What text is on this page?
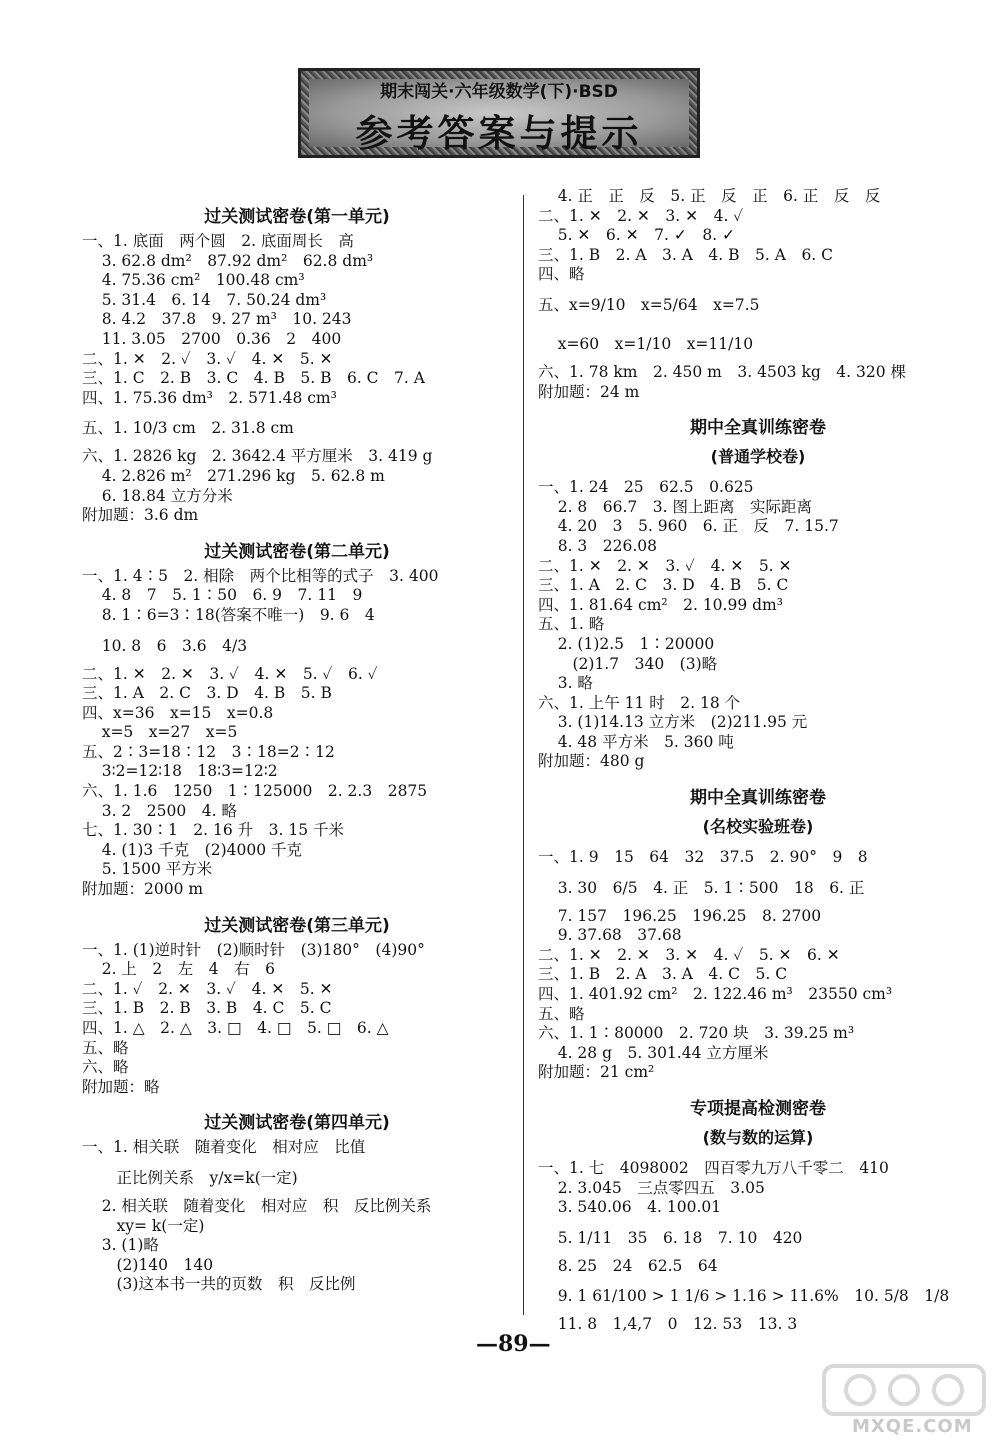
期末闯关·六年级数学(下)·BSD
参考答案与提示
过关测试密卷(第一单元)
一、1. 底面　两个圆　2. 底面周长　高
3. 62.8 dm²　87.92 dm²　62.8 dm³
4. 75.36 cm²　100.48 cm³
5. 31.4　6. 14　7. 50.24 dm³
8. 4.2　37.8　9. 27 m³　10. 243
11. 3.05　2700　0.36　2　400
二、1. ✕　2. ✓　3. ✓　4. ✕　5. ✕
三、1. C　2. B　3. C　4. B　5. B　6. C　7. A
四、1. 75.36 dm³　2. 571.48 cm³
五、1. 10/3 cm　2. 31.8 cm
六、1. 2826 kg　2. 3642.4 平方厘米　3. 419 g
4. 2.826 m²　271.296 kg　5. 62.8 m
6. 18.84 立方分米
附加题：3.6 dm
过关测试密卷(第二单元)
一、1. 4∶5　2. 相除　两个比相等的式子　3. 400
4. 8　7　5. 1∶50　6. 9　7. 11　9
8. 1∶6=3∶18(答案不唯一)　9. 6　4
10. 8　6　3.6　4/3
二、1. ✕　2. ✕　3. ✓　4. ✕　5. ✓　6. ✓
三、1. A　2. C　3. D　4. B　5. B
四、x=36　x=15　x=0.8
x=5　x=27　x=5
五、2∶3=18∶12　3∶18=2∶12
3∶2=12∶18　18∶3=12∶2
六、1. 1.6　1250　1∶125000　2. 2.3　2875
3. 2　2500　4. 略
七、1. 30∶1　2. 16 升　3. 15 千米
4. (1)3 千克　(2)4000 千克
5. 1500 平方米
附加题：2000 m
过关测试密卷(第三单元)
一、1. (1)逆时针　(2)顺时针　(3)180°　(4)90°
2. 上　2　左　4　右　6
二、1. ✓　2. ✕　3. ✓　4. ✕　5. ✕
三、1. B　2. B　3. B　4. C　5. C
四、1. △　2. △　3. □　4. □　5. □　6. △
五、略
六、略
附加题：略
过关测试密卷(第四单元)
一、1. 相关联　随着变化　相对应　比值
正比例关系　y/x=k(一定)
2. 相关联　随着变化　相对应　积　反比例关系
xy= k(一定)
3. (1)略
(2)140　140
(3)这本书一共的页数　积　反比例
4. 正　正　反　5. 正　反　正　6. 正　反　反
二、1. ✕　2. ✕　3. ✕　4. ✓
5. ✕　6. ✕　7. ✓　8. ✓
三、1. B　2. A　3. A　4. B　5. A　6. C
四、略
五、x=9/10　x=5/64　x=7.5
x=60　x=1/10　x=11/10
六、1. 78 km　2. 450 m　3. 4503 kg　4. 320 棵
附加题：24 m
期中全真训练密卷
(普通学校卷)
一、1. 24　25　62.5　0.625
2. 8　66.7　3. 图上距离　实际距离
4. 20　3　5. 960　6. 正　反　7. 15.7
8. 3　226.08
二、1. ✕　2. ✕　3. ✓　4. ✕　5. ✕
三、1. A　2. C　3. D　4. B　5. C
四、1. 81.64 cm²　2. 10.99 dm³
五、1. 略
2. (1)2.5　1∶20000
(2)1.7　340　(3)略
3. 略
六、1. 上午 11 时　2. 18 个
3. (1)14.13 立方米　(2)211.95 元
4. 48 平方米　5. 360 吨
附加题：480 g
期中全真训练密卷
(名校实验班卷)
一、1. 9　15　64　32　37.5　2. 90°　9　8
3. 30　6/5　4. 正　5. 1∶500　18　6. 正
7. 157　196.25　196.25　8. 2700
9. 37.68　37.68
二、1. ✕　2. ✕　3. ✕　4. ✓　5. ✕　6. ✕
三、1. B　2. A　3. A　4. C　5. C
四、1. 401.92 cm²　2. 122.46 m³　23550 cm³
五、略
六、1. 1∶80000　2. 720 块　3. 39.25 m³
4. 28 g　5. 301.44 立方厘米
附加题：21 cm²
专项提高检测密卷
(数与数的运算)
一、1. 七　4098002　四百零九万八千零二　410
2. 3.045　三点零四五　3.05
3. 540.06　4. 100.01
5. 1/11　35　6. 18　7. 10　420
8. 25　24　62.5　64
9. 1 61/100 > 1 1/6 > 1.16 > 11.6%　10. 5/8　1/8
11. 8　1,4,7　0　12. 53　13. 3
—89—
MXQE.COM
